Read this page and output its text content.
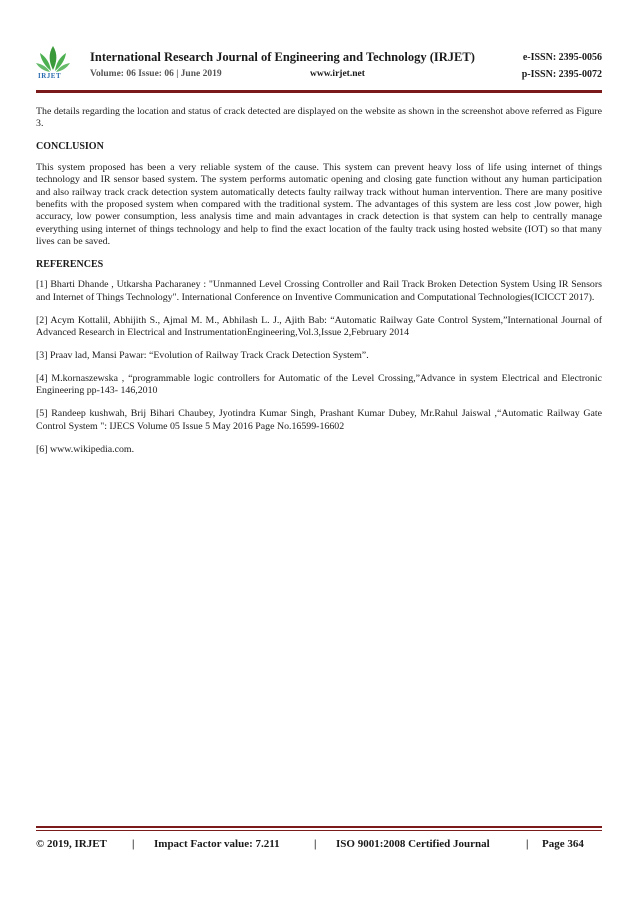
IRJET
International Research Journal of Engineering and Technology (IRJET)	e-ISSN: 2395-0056
Volume: 06 Issue: 06 | June 2019	www.irjet.net	p-ISSN: 2395-0072

The details regarding the location and status of crack detected are displayed on the website as shown in the screenshot above referred as Figure 3.

CONCLUSION

This system proposed has been a very reliable system of the cause. This system can prevent heavy loss of life using internet of things technology and IR sensor based system. The system performs automatic opening and closing gate function without any human participation and also railway track crack detection system automatically detects faulty railway track without human intervention. There are many positive benefits with the proposed system when compared with the traditional system. The advantages of this system are less cost ,low power, high accuracy, low power consumption, less analysis time and main advantages in crack detection is that system can help to centrally manage everything using internet of things technology and help to find the exact location of the faulty track using hosted website (IOT) so that many lives can be saved.

REFERENCES

[1] Bharti Dhande , Utkarsha Pacharaney : "Unmanned Level Crossing Controller and Rail Track Broken Detection System Using IR Sensors and Internet of Things Technology". International Conference on Inventive Communication and Computational Technologies(ICICCT 2017).

[2] Acym Kottalil, Abhijith S., Ajmal M. M., Abhilash L. J., Ajith Bab: “Automatic Railway Gate Control System,”International Journal of Advanced Research in Electrical and InstrumentationEngineering,Vol.3,Issue 2,February 2014

[3] Praav lad, Mansi Pawar: “Evolution of Railway Track Crack Detection System”.

[4] M.kornaszewska , “programmable logic controllers for Automatic of the Level Crossing,”Advance in system Electrical and Electronic Engineering pp-143- 146,2010

[5] Randeep kushwah, Brij Bihari Chaubey, Jyotindra Kumar Singh, Prashant Kumar Dubey, Mr.Rahul Jaiswal ,“Automatic Railway Gate Control System ": IJECS Volume 05 Issue 5 May 2016 Page No.16599-16602

[6] www.wikipedia.com.

© 2019, IRJET | Impact Factor value: 7.211	| ISO 9001:2008 Certified Journal	| Page 364
